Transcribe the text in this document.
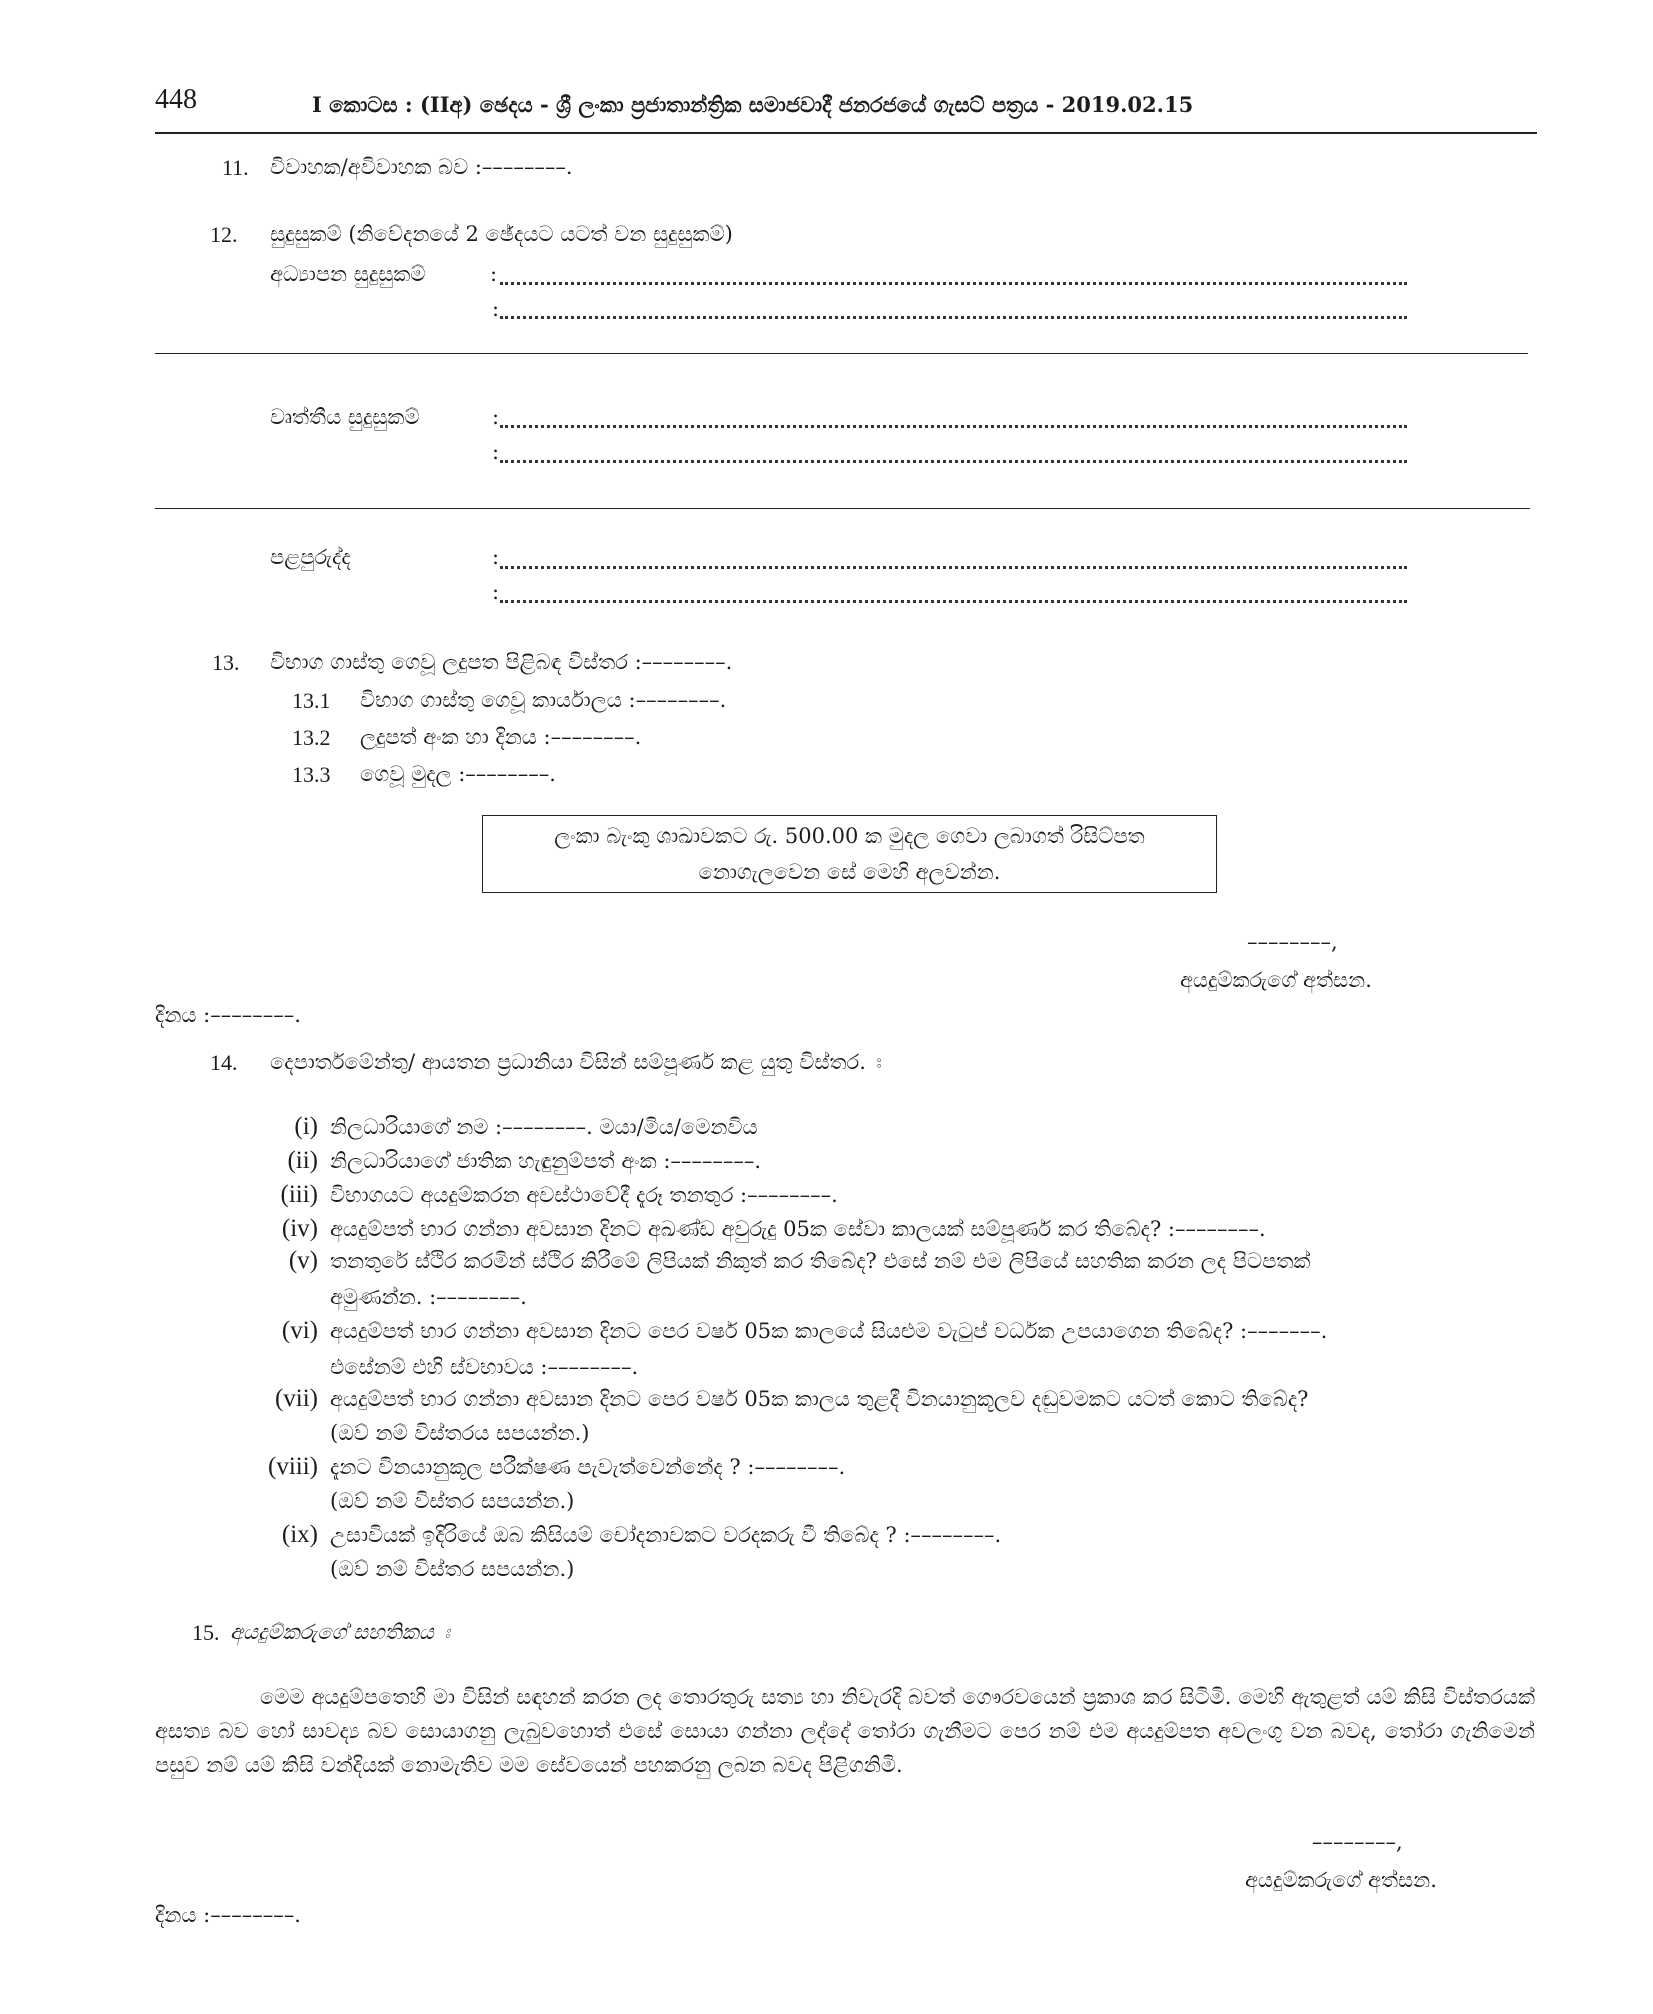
448	I කොටස : (IIඅ) ඡෙදය - ශ්‍රී ලංකා ප්‍රජාතාන්ත්‍රික සමාජවාදී ජනරජයේ ගැසට් පත්‍රය - 2019.02.15
11. විවාහක/අවිවාහක බව :––––––––.
12. සුදුසුකම් (නිවේදනයේ 2 ඡේදයට යටත් වන සුදුසුකම්)
අධ්‍යාපන සුදුසුකම්	:
:
වෘත්තීය සුදුසුකම්	:
:
පළපුරුද්ද	:
:
13. විභාග ගාස්තු ගෙවූ ලදුපත පිළිබඳ විස්තර :––––––––.
13.1 විභාග ගාස්තු ගෙවූ කාර්යාලය :––––––––.
13.2 ලදුපත් අංක හා දිනය :––––––––.
13.3 ගෙවූ මුදල :––––––––.
ලංකා බැංකු ශාඛාවකට රු. 500.00 ක මුදල ගෙවා ලබාගත් රිසිට්පත
නොගැලවෙන සේ මෙහි අලවන්න.
––––––––,
අයදුම්කරුගේ අත්සන.
දිනය :––––––––.
14. දෙපාර්තමේන්තු/ ආයතන ප්‍රධානියා විසින් සම්පූර්ණ කළ යුතු විස්තර. ඃ
(i) නිලධාරියාගේ නම :––––––––. මයා/මිය/මෙනවිය
(ii) නිලධාරියාගේ ජාතික හැඳුනුම්පත් අංක :––––––––.
(iii) විභාගයට අයදුම්කරන අවස්ථාවේදී දැරූ තනතුර :––––––––.
(iv) අයදුම්පත් භාර ගන්නා අවසාන දිනට අඛණ්ඩ අවුරුදු 05ක සේවා කාලයක් සම්පූර්ණ කර තිබේද? :––––––––.
(v) තනතුරේ ස්ථිර කරමින් ස්ථිර කිරීමේ ලිපියක් නිකුත් කර තිබේද? එසේ නම් එම ලිපියේ සහතික කරන ලද පිටපතක්
අමුණන්න. :––––––––.
(vi) අයදුම්පත් භාර ගන්නා අවසාන දිනට පෙර වර්ෂ 05ක කාලයේ සියළුම වැටුප් වර්ධක උපයාගෙන තිබේද? :–––––––.
එසේනම් එහි ස්වභාවය :––––––––.
(vii) අයදුම්පත් භාර ගන්නා අවසාන දිනට පෙර වර්ෂ 05ක කාලය තුළදී විනයානුකූලව දඬුවමකට යටත් කොට තිබේද?
(ඔව් නම් විස්තරය සපයන්න.)
(viii) දැනට විනයානුකූල පරීක්ෂණ පැවැත්වෙන්නේද ? :––––––––.
(ඔව් නම් විස්තර සපයන්න.)
(ix) උසාවියක් ඉදිරියේ ඔබ කිසියම් චෝදනාවකට වරදකරු වී තිබේද ? :––––––––.
(ඔව් නම් විස්තර සපයන්න.)
15. අයදුම්කරුගේ සහතිකය ඃ
මෙම අයදුම්පතෙහි මා විසින් සඳහන් කරන ලද තොරතුරු සත්‍ය හා නිවැරදි බවත් ගෞරවයෙන් ප්‍රකාශ කර සිටිමි. මෙහි ඇතුළත් යම් කිසි විස්තරයක් අසත්‍ය බව හෝ සාවද්‍ය බව සොයාගනු ලැබුවහොත් එසේ සොයා ගන්නා ලද්දේ තෝරා ගැනීමට පෙර නම් එම අයදුම්පත අවලංගු වන බවද, තෝරා ගැනිමෙන් පසුව නම් යම් කිසි වන්දියක් නොමැතිව මම සේවයෙන් පහකරනු ලබන බවද පිළිගනිමි.
––––––––,
අයදුම්කරුගේ අත්සන.
දිනය :––––––––.
